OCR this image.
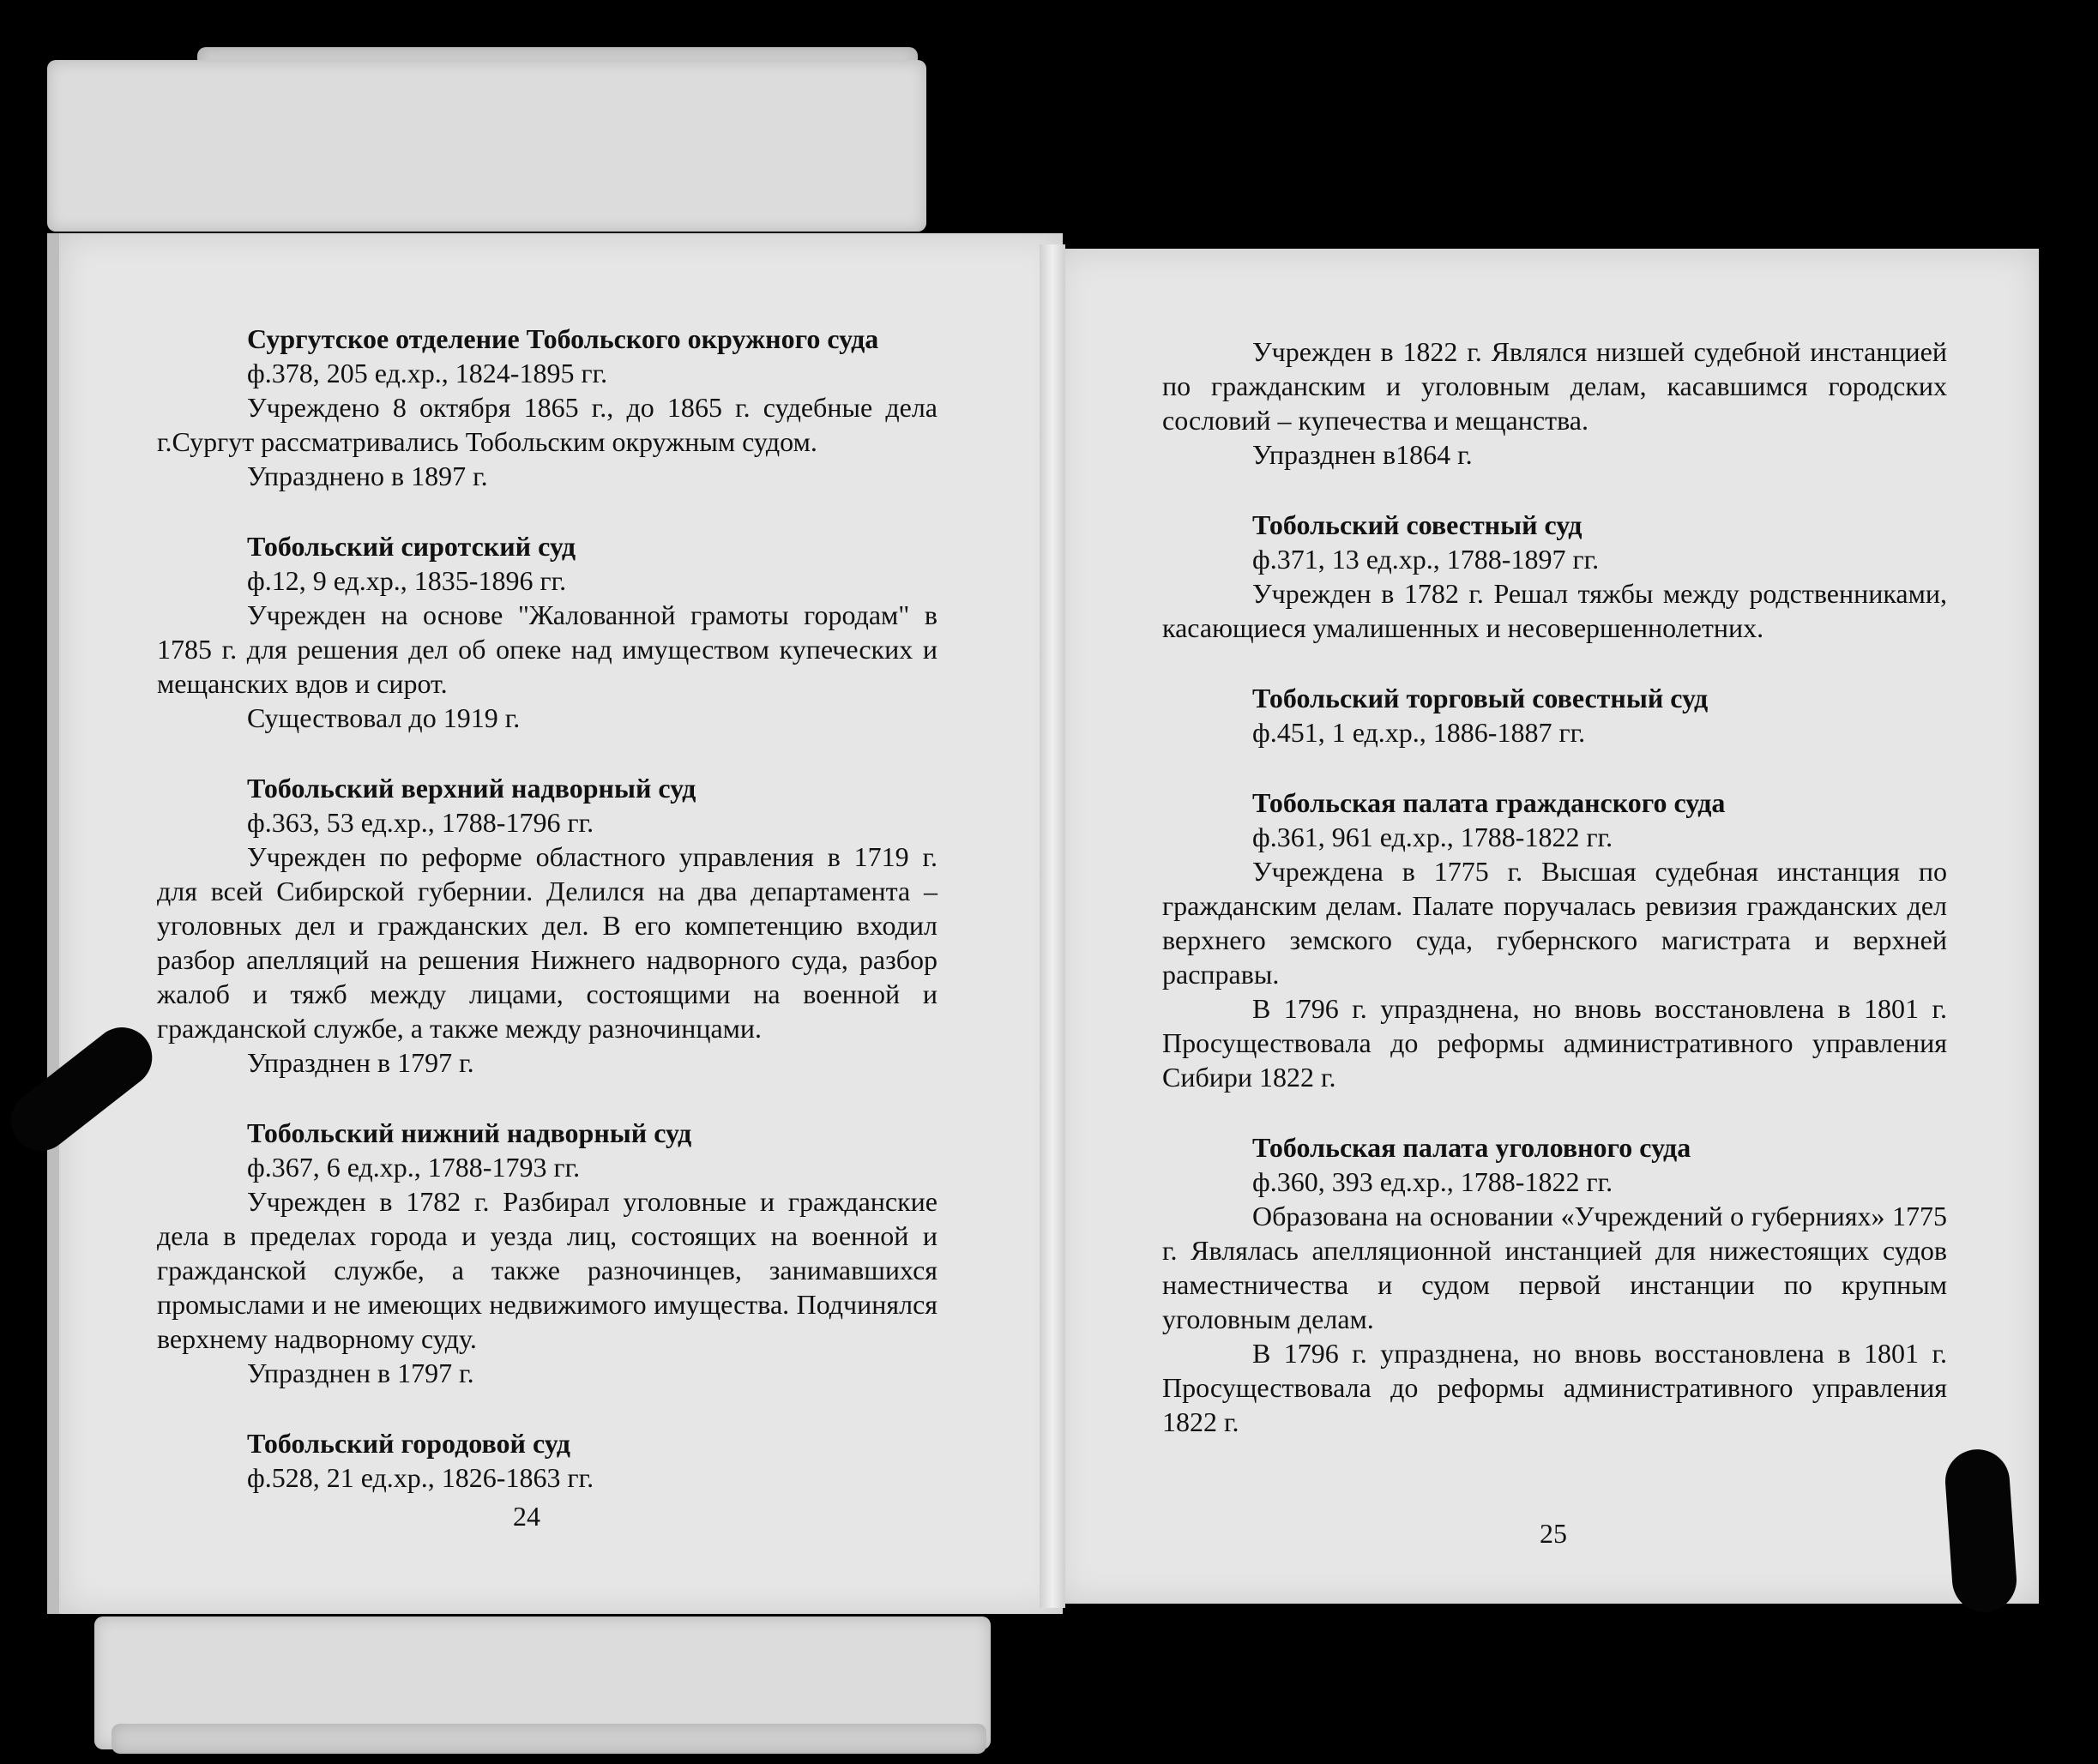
Сургутское отделение Тобольского окружного суда

ф.378, 205 ед.хр., 1824-1895 гг.

Учреждено 8 октября 1865 г., до 1865 г. судебные дела г.Сургут рассматривались Тобольским окружным судом.

Упразднено в 1897 г.

Тобольский сиротский суд

ф.12, 9 ед.хр., 1835-1896 гг.

Учрежден на основе "Жалованной грамоты городам" в 1785 г. для решения дел об опеке над имуществом купеческих и мещанских вдов и сирот.

Существовал до 1919 г.

Тобольский верхний надворный суд

ф.363, 53 ед.хр., 1788-1796 гг.

Учрежден по реформе областного управления в 1719 г. для всей Сибирской губернии. Делился на два департамента – уголовных дел и гражданских дел. В его компетенцию входил разбор апелляций на решения Нижнего надворного суда, разбор жалоб и тяжб между лицами, состоящими на военной и гражданской службе, а также между разночинцами.

Упразднен в 1797 г.

Тобольский нижний надворный суд

ф.367, 6 ед.хр., 1788-1793 гг.

Учрежден в 1782 г. Разбирал уголовные и гражданские дела в пределах города и уезда лиц, состоящих на военной и гражданской службе, а также разночинцев, занимавшихся промыслами и не имеющих недвижимого имущества. Подчинялся верхнему надворному суду.

Упразднен в 1797 г.

Тобольский городовой суд

ф.528, 21 ед.хр., 1826-1863 гг.

Учрежден в 1822 г. Являлся низшей судебной инстанцией по гражданским и уголовным делам, касавшимся городских сословий – купечества и мещанства.

Упразднен в1864 г.

Тобольский совестный суд

ф.371, 13 ед.хр., 1788-1897 гг.

Учрежден в 1782 г. Решал тяжбы между родственниками, касающиеся умалишенных и несовершеннолетних.

Тобольский торговый совестный суд

ф.451, 1 ед.хр., 1886-1887 гг.

Тобольская палата гражданского суда

ф.361, 961 ед.хр., 1788-1822 гг.

Учреждена в 1775 г. Высшая судебная инстанция по гражданским делам. Палате поручалась ревизия гражданских дел верхнего земского суда, губернского магистрата и верхней расправы.

В 1796 г. упразднена, но вновь восстановлена в 1801 г. Просуществовала до реформы административного управления Сибири 1822 г.

Тобольская палата уголовного суда

ф.360, 393 ед.хр., 1788-1822 гг.

Образована на основании «Учреждений о губерниях» 1775 г. Являлась апелляционной инстанцией для нижестоящих судов наместничества и судом первой инстанции по крупным уголовным делам.

В 1796 г. упразднена, но вновь восстановлена в 1801 г. Просуществовала до реформы административного управления 1822 г.

24
25
